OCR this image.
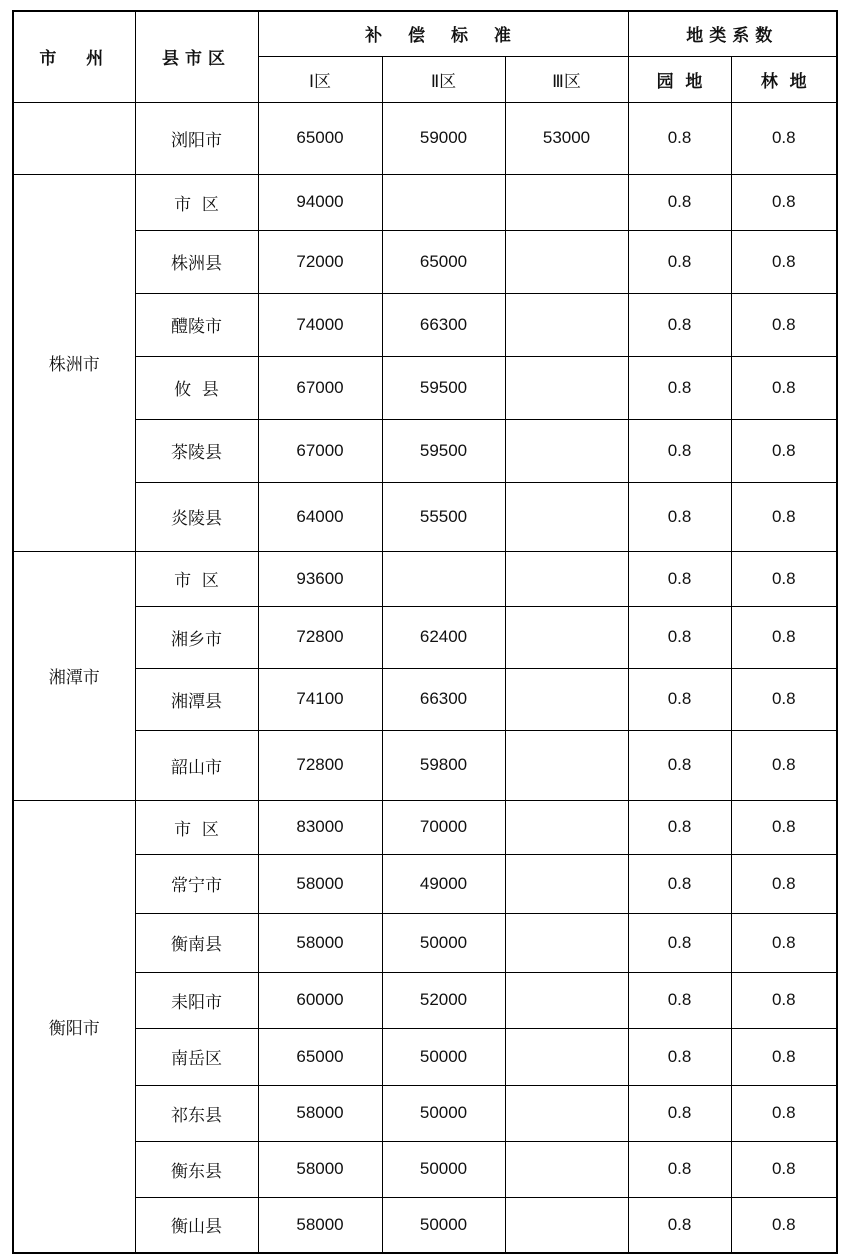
市  州	县市区	补 偿 标 准			地类系数	
		Ⅰ区	Ⅱ区	Ⅲ区	园  地	林  地
	浏阳市	65000	59000	53000	0.8	0.8
株洲市	市  区	94000			0.8	0.8
	株洲县	72000	65000		0.8	0.8
	醴陵市	74000	66300		0.8	0.8
	攸  县	67000	59500		0.8	0.8
	茶陵县	67000	59500		0.8	0.8
	炎陵县	64000	55500		0.8	0.8
湘潭市	市  区	93600			0.8	0.8
	湘乡市	72800	62400		0.8	0.8
	湘潭县	74100	66300		0.8	0.8
	韶山市	72800	59800		0.8	0.8
衡阳市	市  区	83000	70000		0.8	0.8
	常宁市	58000	49000		0.8	0.8
	衡南县	58000	50000		0.8	0.8
	耒阳市	60000	52000		0.8	0.8
	南岳区	65000	50000		0.8	0.8
	祁东县	58000	50000		0.8	0.8
	衡东县	58000	50000		0.8	0.8
	衡山县	58000	50000		0.8	0.8
